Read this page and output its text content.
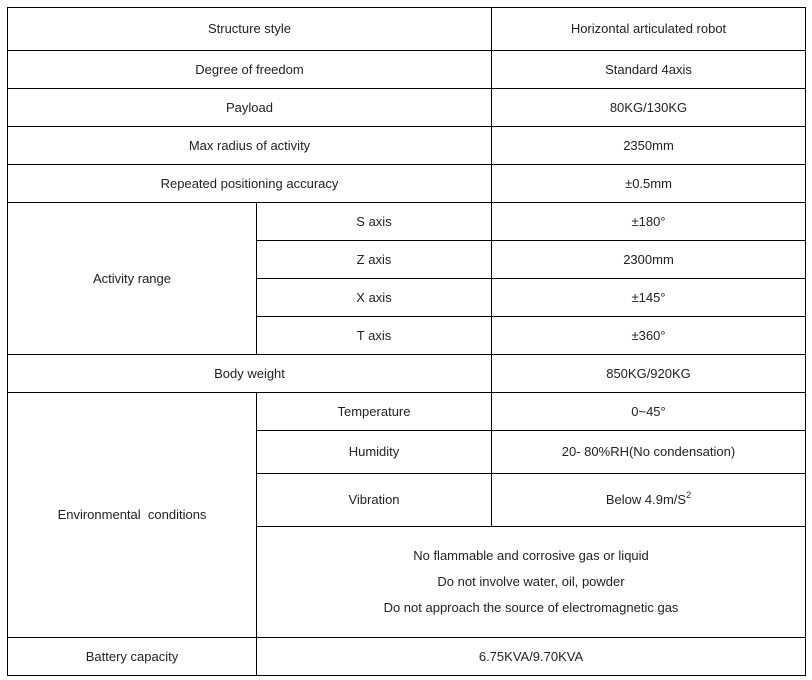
Structure style		Horizontal articulated robot
Degree of freedom		Standard 4axis
Payload		80KG/130KG
Max radius of activity		2350mm
Repeated positioning accuracy		±0.5mm
Activity range	S axis	±180°
	Z axis	2300mm
	X axis	±145°
	T axis	±360°
Body weight		850KG/920KG
Environmental  conditions	Temperature	0~45°
	Humidity	20- 80%RH(No condensation)
	Vibration	Below $4.9m/S^2$

	No flammable and corrosive gas or liquid
Do not involve water, oil, powder
Do not approach the source of electromagnetic gas	

Battery capacity	6.75KVA/9.70KVA	
